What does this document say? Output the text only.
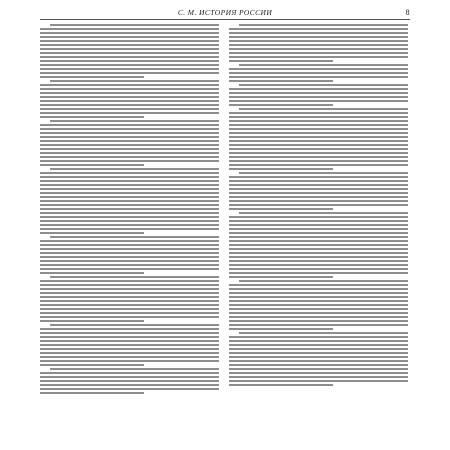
С. М. ИСТОРИЯ РОССИИ	8
